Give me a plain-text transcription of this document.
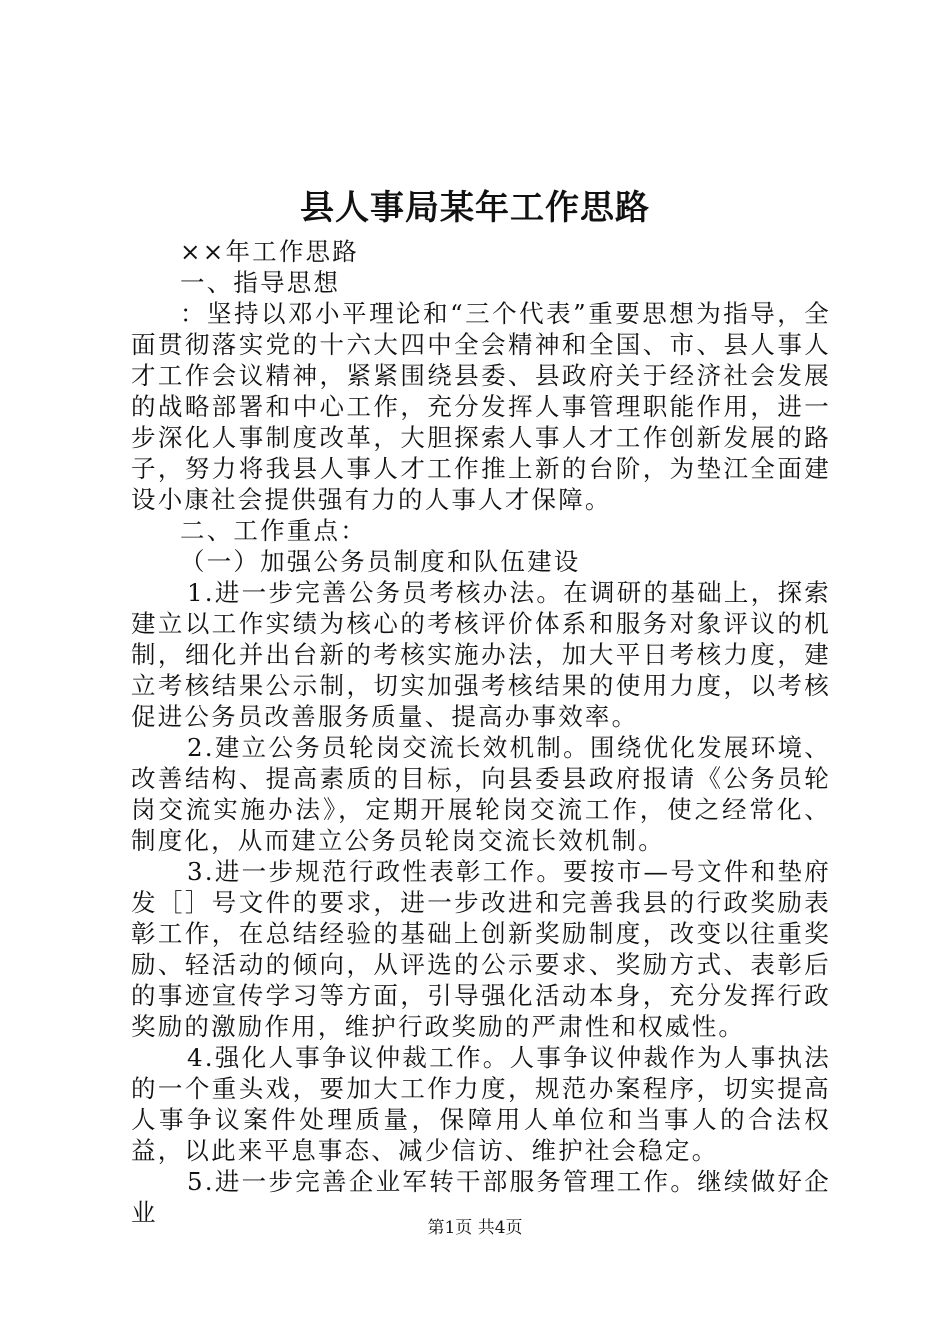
县人事局某年工作思路

××年工作思路

一、指导思想

：坚持以邓小平理论和“三个代表”重要思想为指导，全面贯彻落实党的十六大四中全会精神和全国、市、县人事人才工作会议精神，紧紧围绕县委、县政府关于经济社会发展的战略部署和中心工作，充分发挥人事管理职能作用，进一步深化人事制度改革，大胆探索人事人才工作创新发展的路子，努力将我县人事人才工作推上新的台阶，为垫江全面建设小康社会提供强有力的人事人才保障。

二、工作重点：

（一）加强公务员制度和队伍建设

1.进一步完善公务员考核办法。在调研的基础上，探索建立以工作实绩为核心的考核评价体系和服务对象评议的机制，细化并出台新的考核实施办法，加大平日考核力度，建立考核结果公示制，切实加强考核结果的使用力度，以考核促进公务员改善服务质量、提高办事效率。

2.建立公务员轮岗交流长效机制。围绕优化发展环境、改善结构、提高素质的目标，向县委县政府报请《公务员轮岗交流实施办法》，定期开展轮岗交流工作，使之经常化、制度化，从而建立公务员轮岗交流长效机制。

3.进一步规范行政性表彰工作。要按市—号文件和垫府发［］号文件的要求，进一步改进和完善我县的行政奖励表彰工作，在总结经验的基础上创新奖励制度，改变以往重奖励、轻活动的倾向，从评选的公示要求、奖励方式、表彰后的事迹宣传学习等方面，引导强化活动本身，充分发挥行政奖励的激励作用，维护行政奖励的严肃性和权威性。

4.强化人事争议仲裁工作。人事争议仲裁作为人事执法的一个重头戏，要加大工作力度，规范办案程序，切实提高人事争议案件处理质量，保障用人单位和当事人的合法权益，以此来平息事态、减少信访、维护社会稳定。

5.进一步完善企业军转干部服务管理工作。继续做好企业

第1页 共4页
